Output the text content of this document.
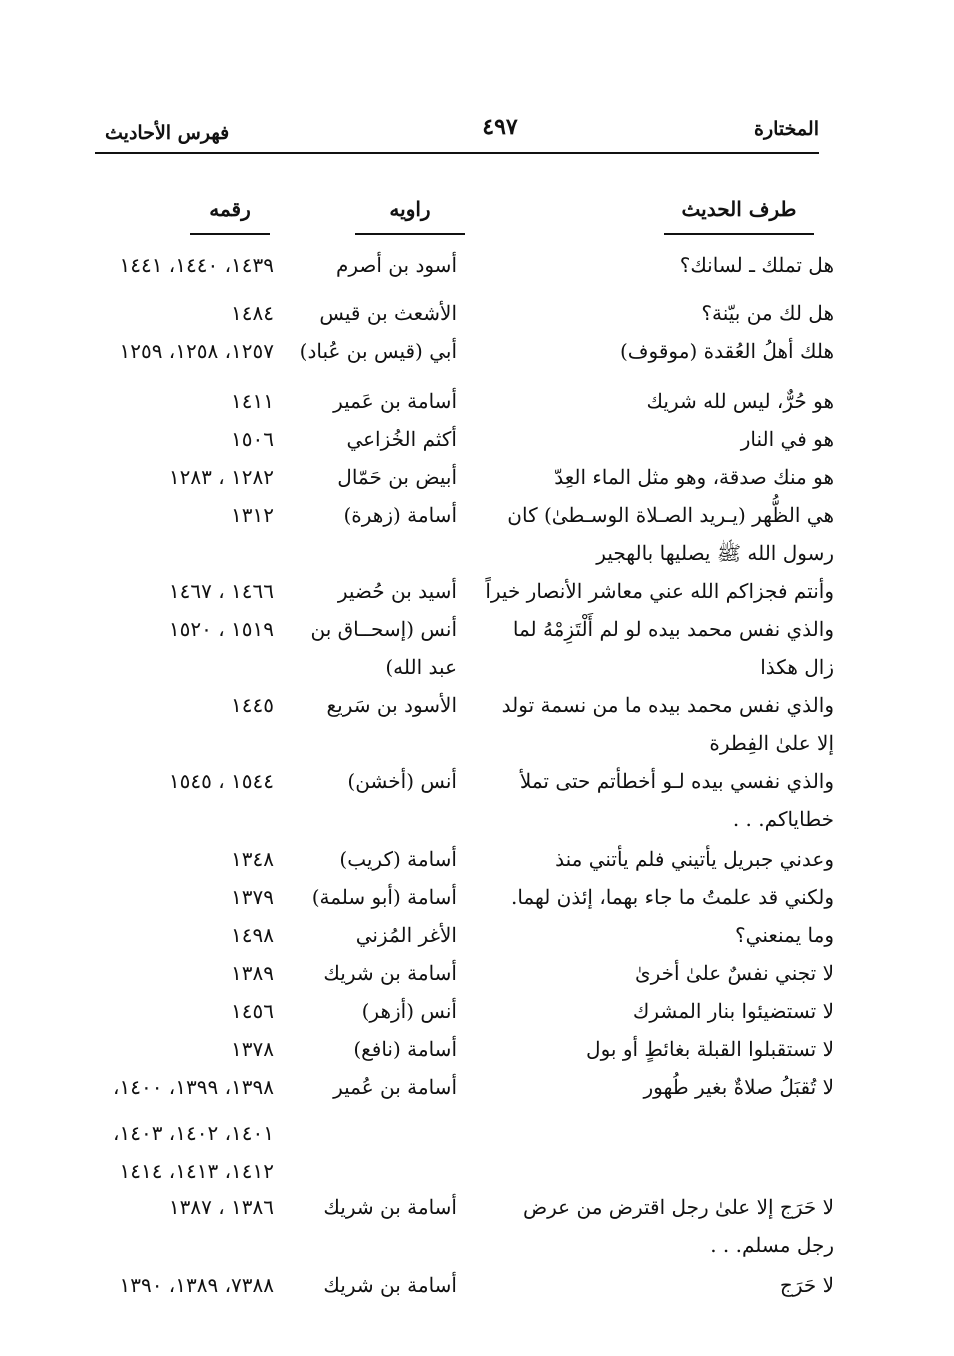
المختارة
٤٩٧
فهرس الأحاديث
طرف الحديث
راويه
رقمه
هل تملك ـ لسانك؟
أسود بن أصرم
١٤٣٩، ١٤٤٠، ١٤٤١
هل لك من بيّنة؟
الأشعث بن قيس
١٤٨٤
هلك أهلُ العُقدة (موقوف)
أبي (قيس بن عُباد)
١٢٥٧، ١٢٥٨، ١٢٥٩
هو حُرٌّ، ليس لله شريك
أسامة بن عَمير
١٤١١
هو في النار
أكثم الخُزاعي
١٥٠٦
هو منك صدقة، وهو مثل الماء العِدّ
أبيض بن حَمّال
١٢٨٢ ، ١٢٨٣
هي الظُّهر (يـريد الصـلاة الوسـطىٰ) كان
أسامة (زهرة)
١٣١٢
رسول الله ﷺ يصليها بالهجير
وأنتم فجزاكم الله عني معاشر الأنصار خيراً
أسيد بن حُضير
١٤٦٦ ، ١٤٦٧
والذي نفس محمد بيده لو لم أَلْتَزِمْهُ لما
أنس (إسحــاق بن
١٥١٩ ، ١٥٢٠
زال هكذا
عبد الله)
والذي نفس محمد بيده ما من نسمة تولد
الأسود بن سَريع
١٤٤٥
إلا علىٰ الفِطرة
والذي نفسي بيده لـو أخطأتم حتى تملأ
أنس (أخشن)
١٥٤٤ ، ١٥٤٥
خطاياكم. . .
وعدني جبريل يأتيني فلم يأتني منذ
أسامة (كريب)
١٣٤٨
ولكني قد علمتُ ما جاء بهما، إئذن لهما.
أسامة (أبو سلمة)
١٣٧٩
وما يمنعني؟
الأغر المُزني
١٤٩٨
لا تجني نفسٌ علىٰ أخرىٰ
أسامة بن شريك
١٣٨٩
لا تستضيئوا بنار المشرك
أنس (أزهر)
١٤٥٦
لا تستقبلوا القبلة بغائطٍ أو بول
أسامة (نافع)
١٣٧٨
لا تُقبَلُ صلاةٌ بغير طُهور
أسامة بن عُمير
١٣٩٨، ١٣٩٩، ١٤٠٠،
١٤٠١، ١٤٠٢، ١٤٠٣،
١٤١٢، ١٤١٣، ١٤١٤
لا حَرَج إلا علىٰ رجل اقترض من عرض
أسامة بن شريك
١٣٨٦ ، ١٣٨٧
رجل مسلم. . .
لا حَرَج
أسامة بن شريك
٧٣٨٨، ١٣٨٩، ١٣٩٠
